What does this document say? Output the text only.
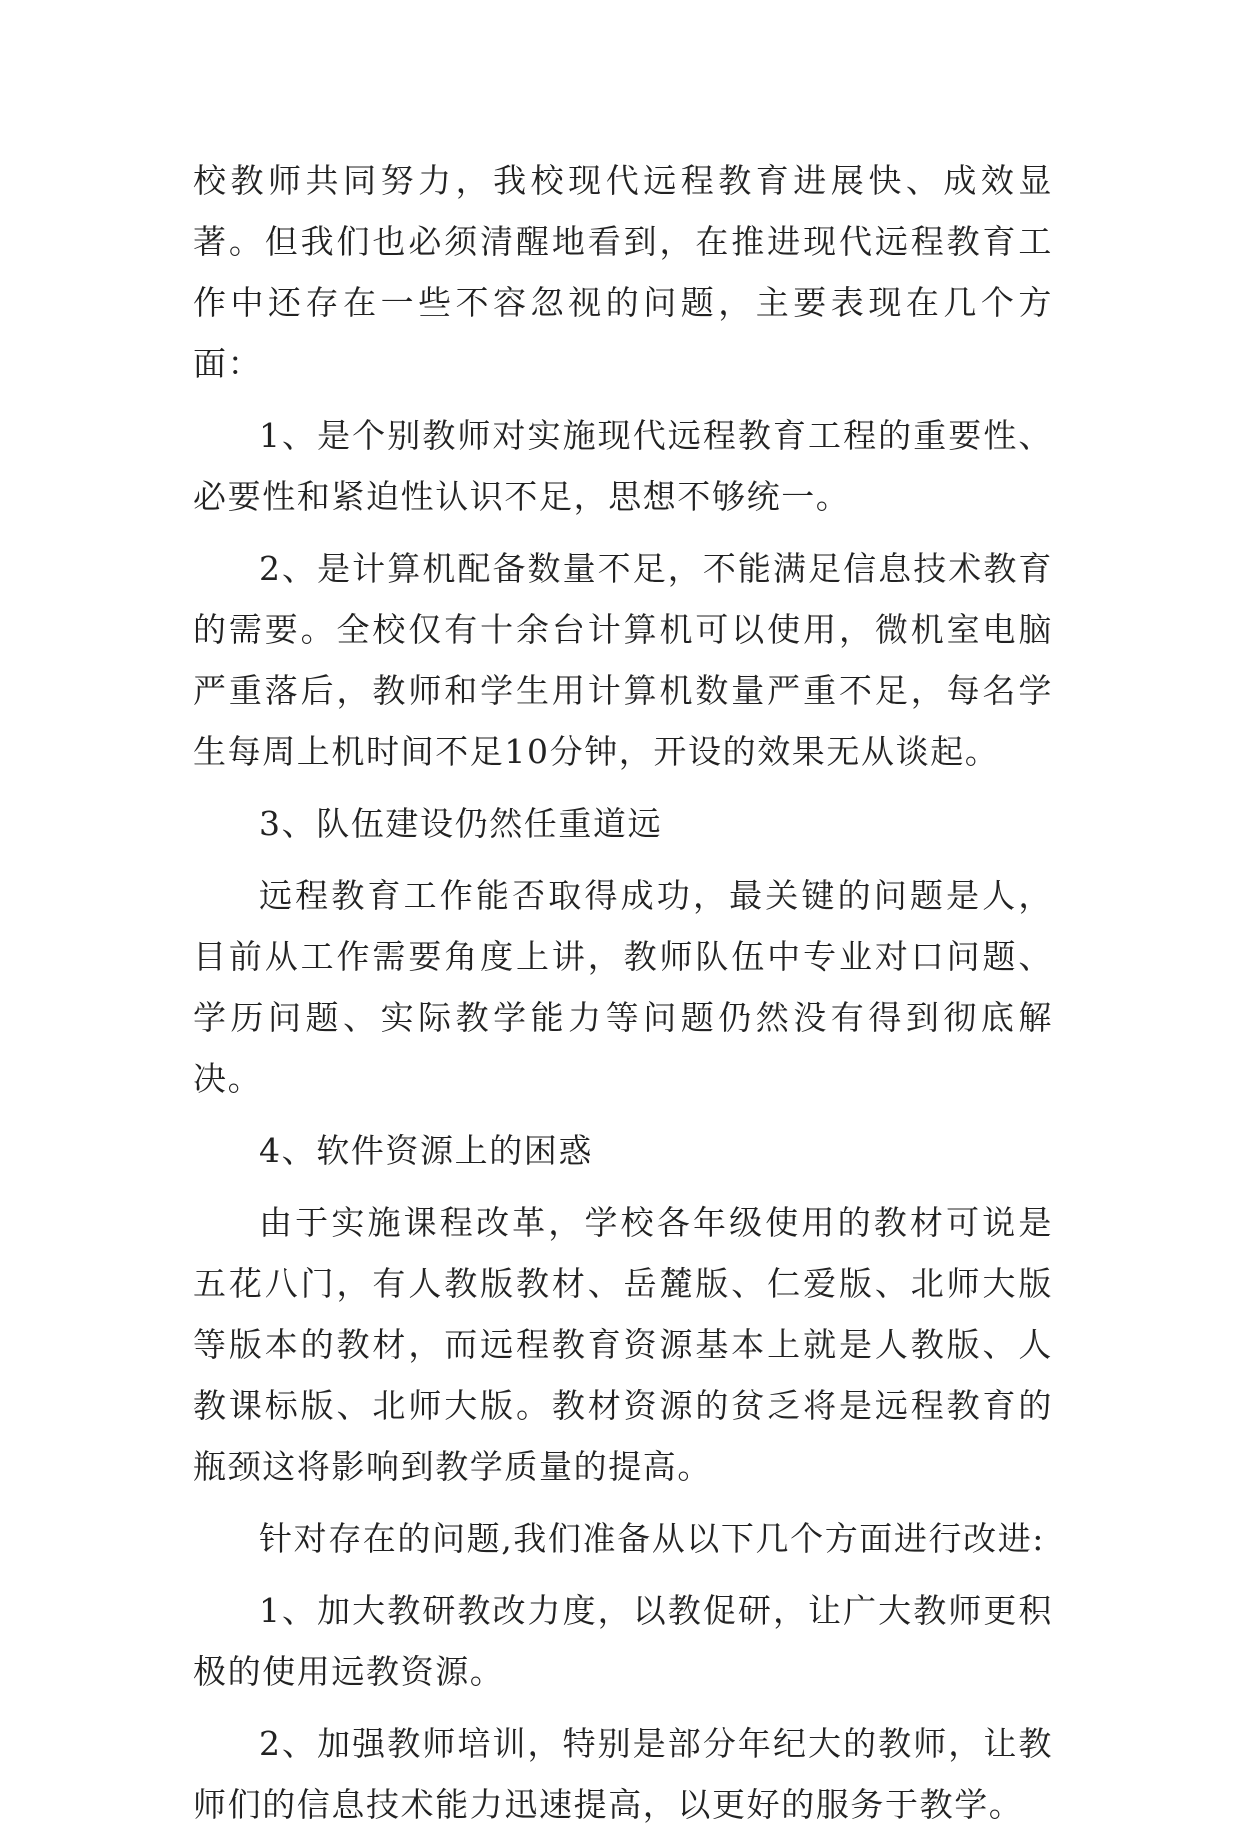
校教师共同努力，我校现代远程教育进展快、成效显著。但我们也必须清醒地看到，在推进现代远程教育工作中还存在一些不容忽视的问题，主要表现在几个方面：

1、是个别教师对实施现代远程教育工程的重要性、必要性和紧迫性认识不足，思想不够统一。

2、是计算机配备数量不足，不能满足信息技术教育的需要。全校仅有十余台计算机可以使用，微机室电脑严重落后，教师和学生用计算机数量严重不足，每名学生每周上机时间不足10分钟，开设的效果无从谈起。

3、队伍建设仍然任重道远

远程教育工作能否取得成功，最关键的问题是人，目前从工作需要角度上讲，教师队伍中专业对口问题、学历问题、实际教学能力等问题仍然没有得到彻底解决。

4、软件资源上的困惑

由于实施课程改革，学校各年级使用的教材可说是五花八门，有人教版教材、岳麓版、仁爱版、北师大版等版本的教材，而远程教育资源基本上就是人教版、人教课标版、北师大版。教材资源的贫乏将是远程教育的瓶颈这将影响到教学质量的提高。

针对存在的问题,我们准备从以下几个方面进行改进:

1、加大教研教改力度，以教促研，让广大教师更积极的使用远教资源。

2、加强教师培训，特别是部分年纪大的教师，让教师们的信息技术能力迅速提高，以更好的服务于教学。
